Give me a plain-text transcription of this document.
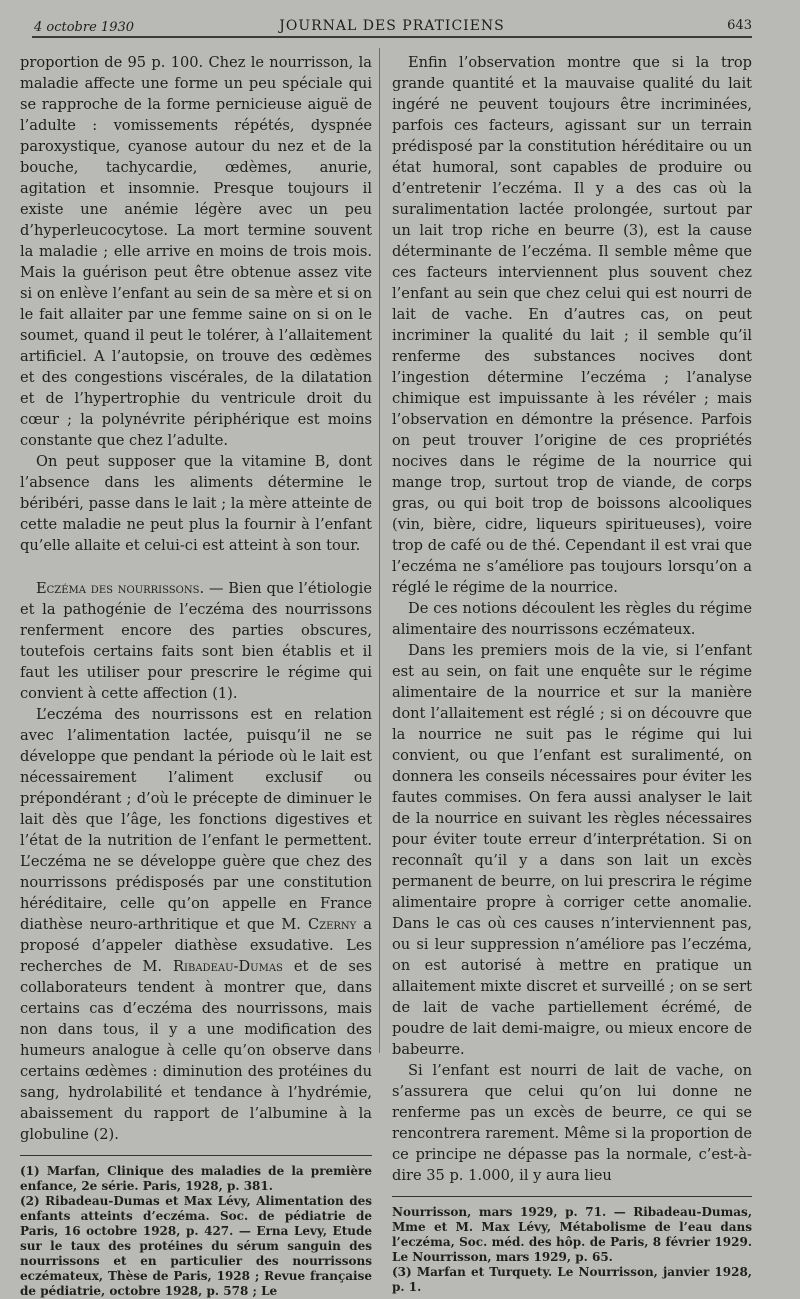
4 octobre 1930	JOURNAL DES PRATICIENS	643

proportion de 95 p. 100. Chez le nourrisson, la maladie affecte une forme un peu spéciale qui se rapproche de la forme pernicieuse aiguë de l’adulte : vomissements répétés, dyspnée paroxystique, cyanose autour du nez et de la bouche, tachycardie, œdèmes, anurie, agitation et insomnie. Presque toujours il existe une anémie légère avec un peu d’hyperleucocytose. La mort termine souvent la maladie ; elle arrive en moins de trois mois. Mais la guérison peut être obtenue assez vite si on enlève l’enfant au sein de sa mère et si on le fait allaiter par une femme saine on si on le soumet, quand il peut le tolérer, à l’allaitement artificiel. A l’autopsie, on trouve des œdèmes et des congestions viscérales, de la dilatation et de l’hypertrophie du ventricule droit du cœur ; la polynévrite périphérique est moins constante que chez l’adulte.

On peut supposer que la vitamine B, dont l’absence dans les aliments détermine le béribéri, passe dans le lait ; la mère atteinte de cette maladie ne peut plus la fournir à l’enfant qu’elle allaite et celui-ci est atteint à son tour.

Eczéma des nourrissons. — Bien que l’étiologie et la pathogénie de l’eczéma des nourrissons renferment encore des parties obscures, toutefois certains faits sont bien établis et il faut les utiliser pour prescrire le régime qui convient à cette affection (1).

L’eczéma des nourrissons est en relation avec l’alimentation lactée, puisqu’il ne se développe que pendant la période où le lait est nécessairement l’aliment exclusif ou prépondérant ; d’où le précepte de diminuer le lait dès que l’âge, les fonctions digestives et l’état de la nutrition de l’enfant le permettent. L’eczéma ne se développe guère que chez des nourrissons prédisposés par une constitution héréditaire, celle qu’on appelle en France diathèse neuro-arthritique et que M. Czerny a proposé d’appeler diathèse exsudative. Les recherches de M. Ribadeau-Dumas et de ses collaborateurs tendent à montrer que, dans certains cas d’eczéma des nourrissons, mais non dans tous, il y a une modification des humeurs analogue à celle qu’on observe dans certains œdèmes : diminution des protéines du sang, hydrolabilité et tendance à l’hydrémie, abaissement du rapport de l’albumine à la globuline (2).

(1) Marfan, Clinique des maladies de la première enfance, 2e série. Paris, 1928, p. 381.

(2) Ribadeau-Dumas et Max Lévy, Alimentation des enfants atteints d’eczéma. Soc. de pédiatrie de Paris, 16 octobre 1928, p. 427. — Erna Levy, Etude sur le taux des protéines du sérum sanguin des nourrissons et en particulier des nourrissons eczémateux, Thèse de Paris, 1928 ; Revue française de pédiatrie, octobre 1928, p. 578 ; Le

Enfin l’observation montre que si la trop grande quantité et la mauvaise qualité du lait ingéré ne peuvent toujours être incriminées, parfois ces facteurs, agissant sur un terrain prédisposé par la constitution héréditaire ou un état humoral, sont capables de produire ou d’entretenir l’eczéma. Il y a des cas où la suralimentation lactée prolongée, surtout par un lait trop riche en beurre (3), est la cause déterminante de l’eczéma. Il semble même que ces facteurs interviennent plus souvent chez l’enfant au sein que chez celui qui est nourri de lait de vache. En d’autres cas, on peut incriminer la qualité du lait ; il semble qu’il renferme des substances nocives dont l’ingestion détermine l’eczéma ; l’analyse chimique est impuissante à les révéler ; mais l’observation en démontre la présence. Parfois on peut trouver l’origine de ces propriétés nocives dans le régime de la nourrice qui mange trop, surtout trop de viande, de corps gras, ou qui boit trop de boissons alcooliques (vin, bière, cidre, liqueurs spiritueuses), voire trop de café ou de thé. Cependant il est vrai que l’eczéma ne s’améliore pas toujours lorsqu’on a réglé le régime de la nourrice.

De ces notions découlent les règles du régime alimentaire des nourrissons eczémateux.

Dans les premiers mois de la vie, si l’enfant est au sein, on fait une enquête sur le régime alimentaire de la nourrice et sur la manière dont l’allaitement est réglé ; si on découvre que la nourrice ne suit pas le régime qui lui convient, ou que l’enfant est suralimenté, on donnera les conseils nécessaires pour éviter les fautes commises. On fera aussi analyser le lait de la nourrice en suivant les règles nécessaires pour éviter toute erreur d’interprétation. Si on reconnaît qu’il y a dans son lait un excès permanent de beurre, on lui prescrira le régime alimentaire propre à corriger cette anomalie. Dans le cas où ces causes n’interviennent pas, ou si leur suppression n’améliore pas l’eczéma, on est autorisé à mettre en pratique un allaitement mixte discret et surveillé ; on se sert de lait de vache partiellement écrémé, de poudre de lait demi-maigre, ou mieux encore de babeurre.

Si l’enfant est nourri de lait de vache, on s’assurera que celui qu’on lui donne ne renferme pas un excès de beurre, ce qui se rencontrera rarement. Même si la proportion de ce principe ne dépasse pas la normale, c’est-à-dire 35 p. 1.000, il y aura lieu

Nourrisson, mars 1929, p. 71. — Ribadeau-Dumas, Mme et M. Max Lévy, Métabolisme de l’eau dans l’eczéma, Soc. méd. des hôp. de Paris, 8 février 1929. Le Nourrisson, mars 1929, p. 65.

(3) Marfan et Turquety. Le Nourrisson, janvier 1928, p. 1.
